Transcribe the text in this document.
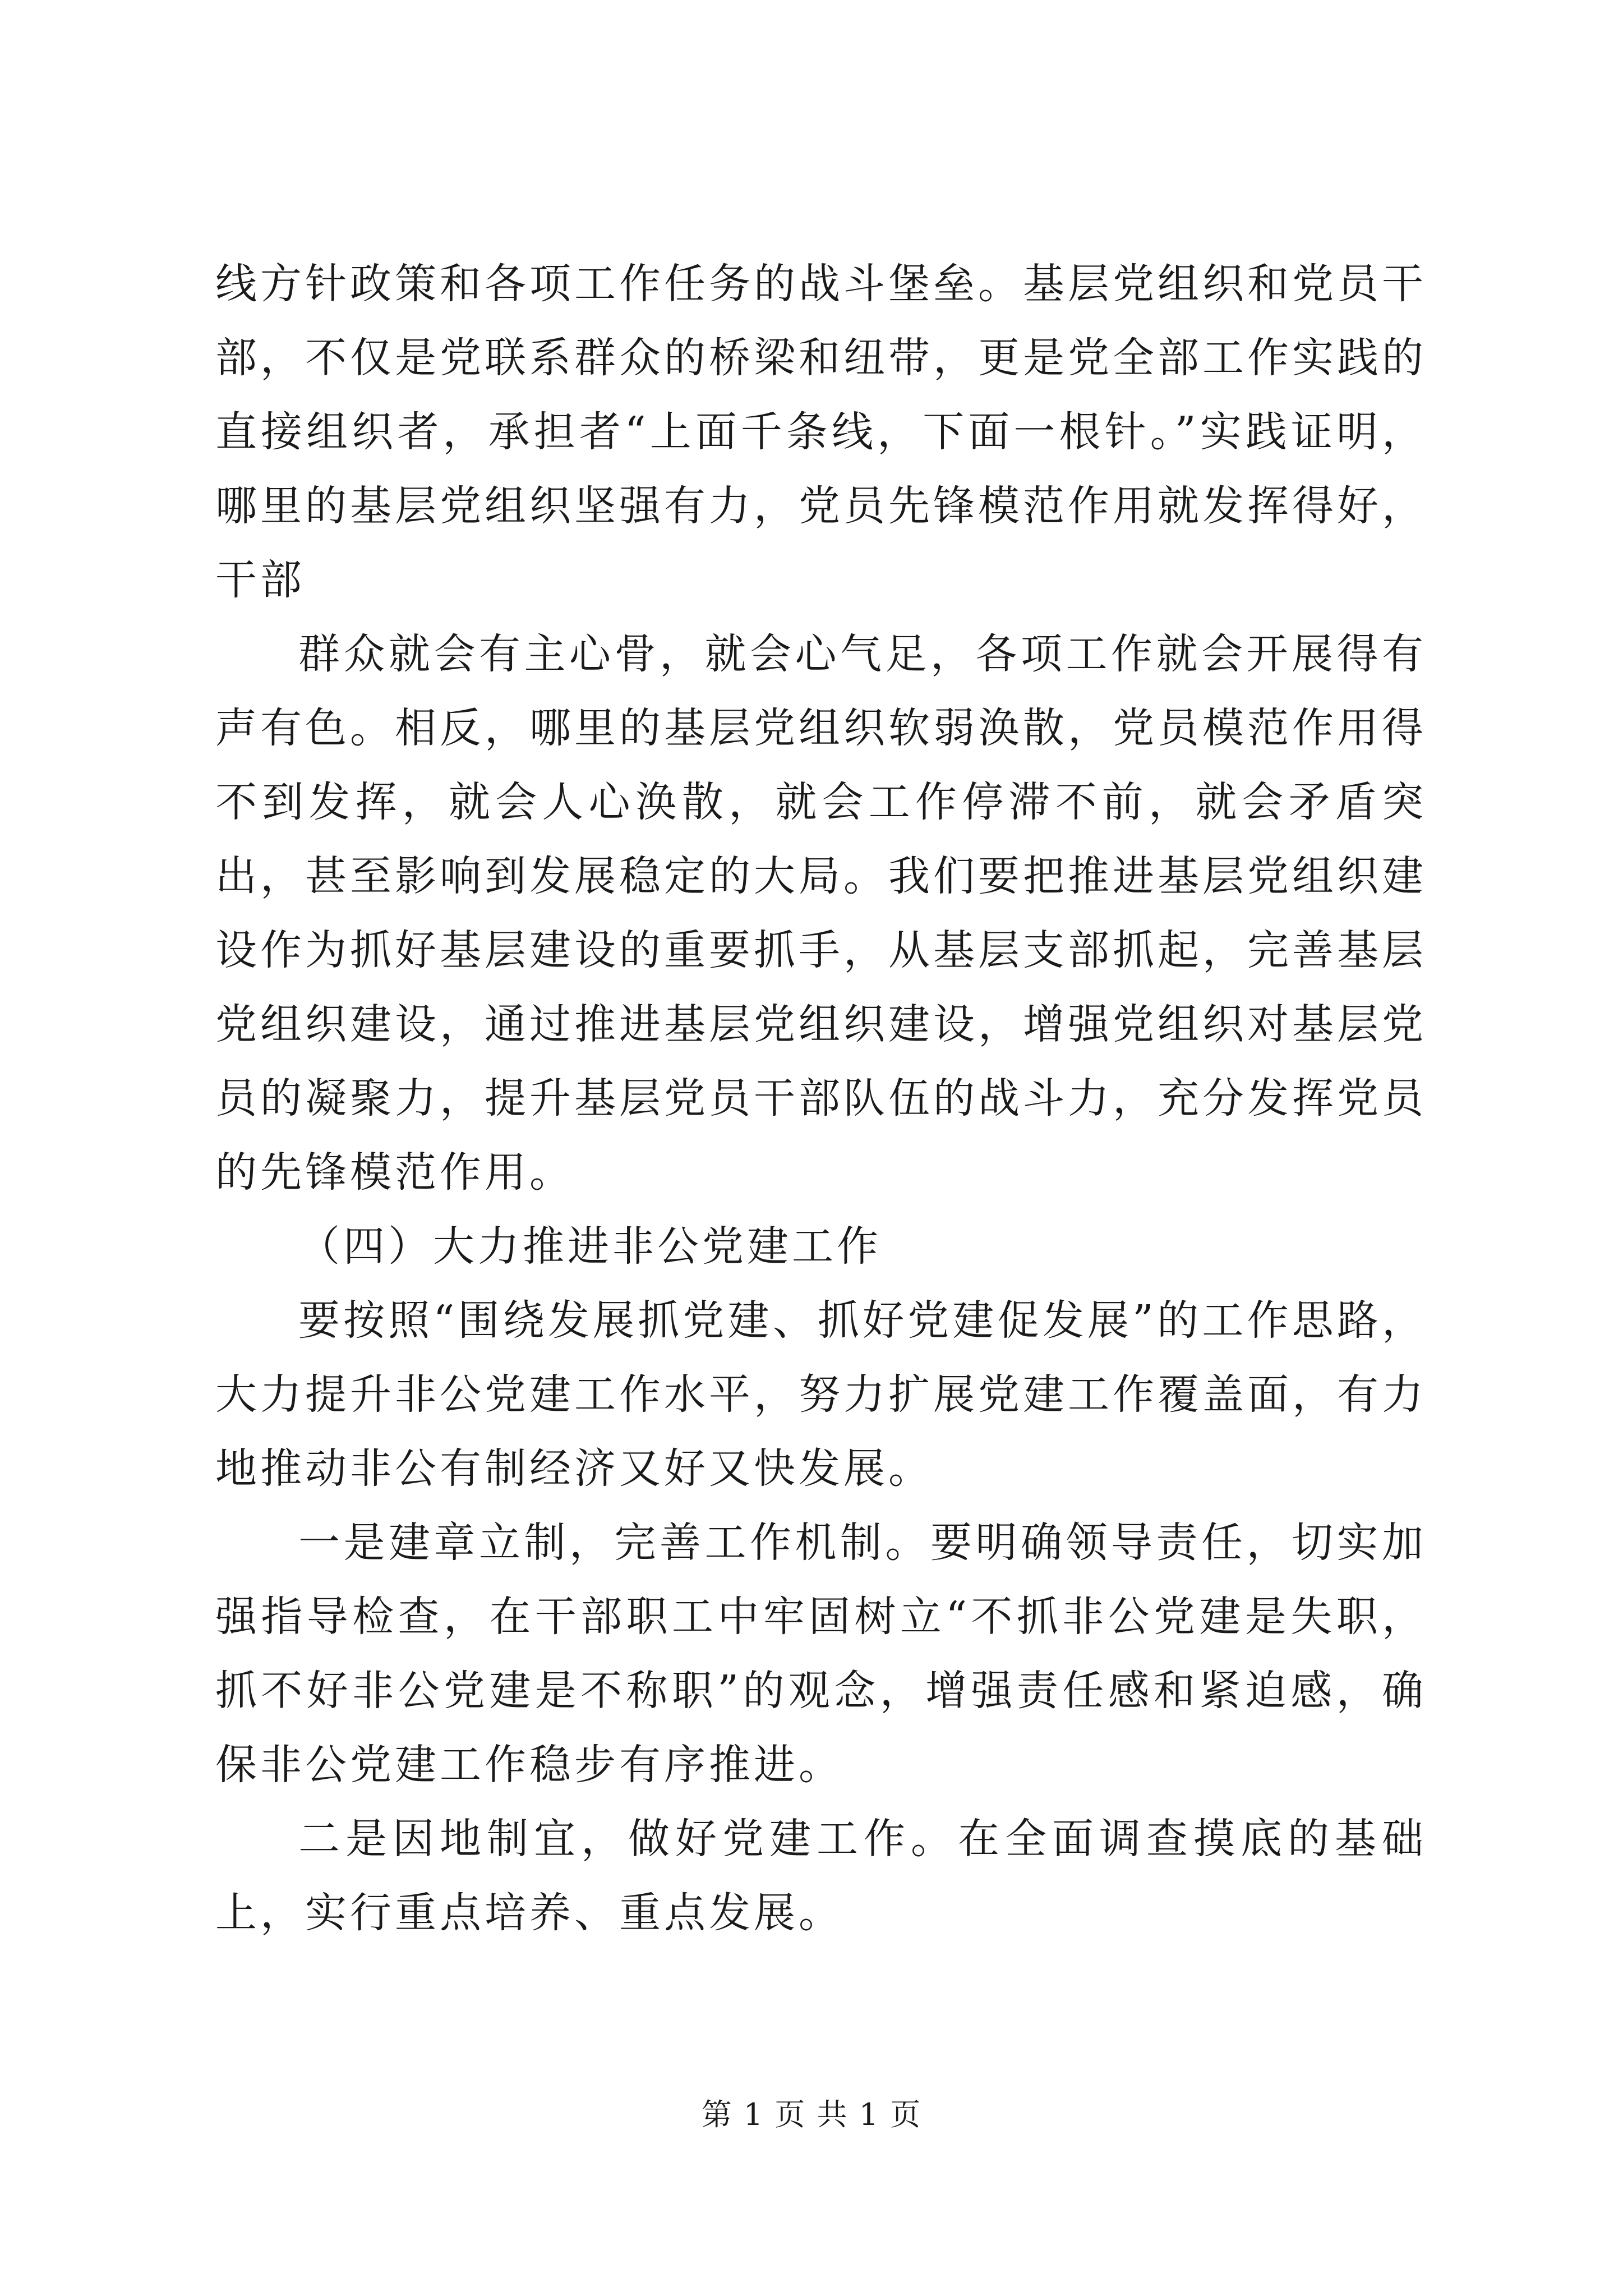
线方针政策和各项工作任务的战斗堡垒。基层党组织和党员干部，不仅是党联系群众的桥梁和纽带，更是党全部工作实践的直接组织者，承担者“上面千条线，下面一根针。”实践证明，哪里的基层党组织坚强有力，党员先锋模范作用就发挥得好，干部

群众就会有主心骨，就会心气足，各项工作就会开展得有声有色。相反，哪里的基层党组织软弱涣散，党员模范作用得不到发挥，就会人心涣散，就会工作停滞不前，就会矛盾突出，甚至影响到发展稳定的大局。我们要把推进基层党组织建设作为抓好基层建设的重要抓手，从基层支部抓起，完善基层党组织建设，通过推进基层党组织建设，增强党组织对基层党员的凝聚力，提升基层党员干部队伍的战斗力，充分发挥党员的先锋模范作用。

（四）大力推进非公党建工作

要按照“围绕发展抓党建、抓好党建促发展”的工作思路，大力提升非公党建工作水平，努力扩展党建工作覆盖面，有力地推动非公有制经济又好又快发展。

一是建章立制，完善工作机制。要明确领导责任，切实加强指导检查，在干部职工中牢固树立“不抓非公党建是失职，抓不好非公党建是不称职”的观念，增强责任感和紧迫感，确保非公党建工作稳步有序推进。

二是因地制宜，做好党建工作。在全面调查摸底的基础上，实行重点培养、重点发展。

第 1 页 共 1 页
